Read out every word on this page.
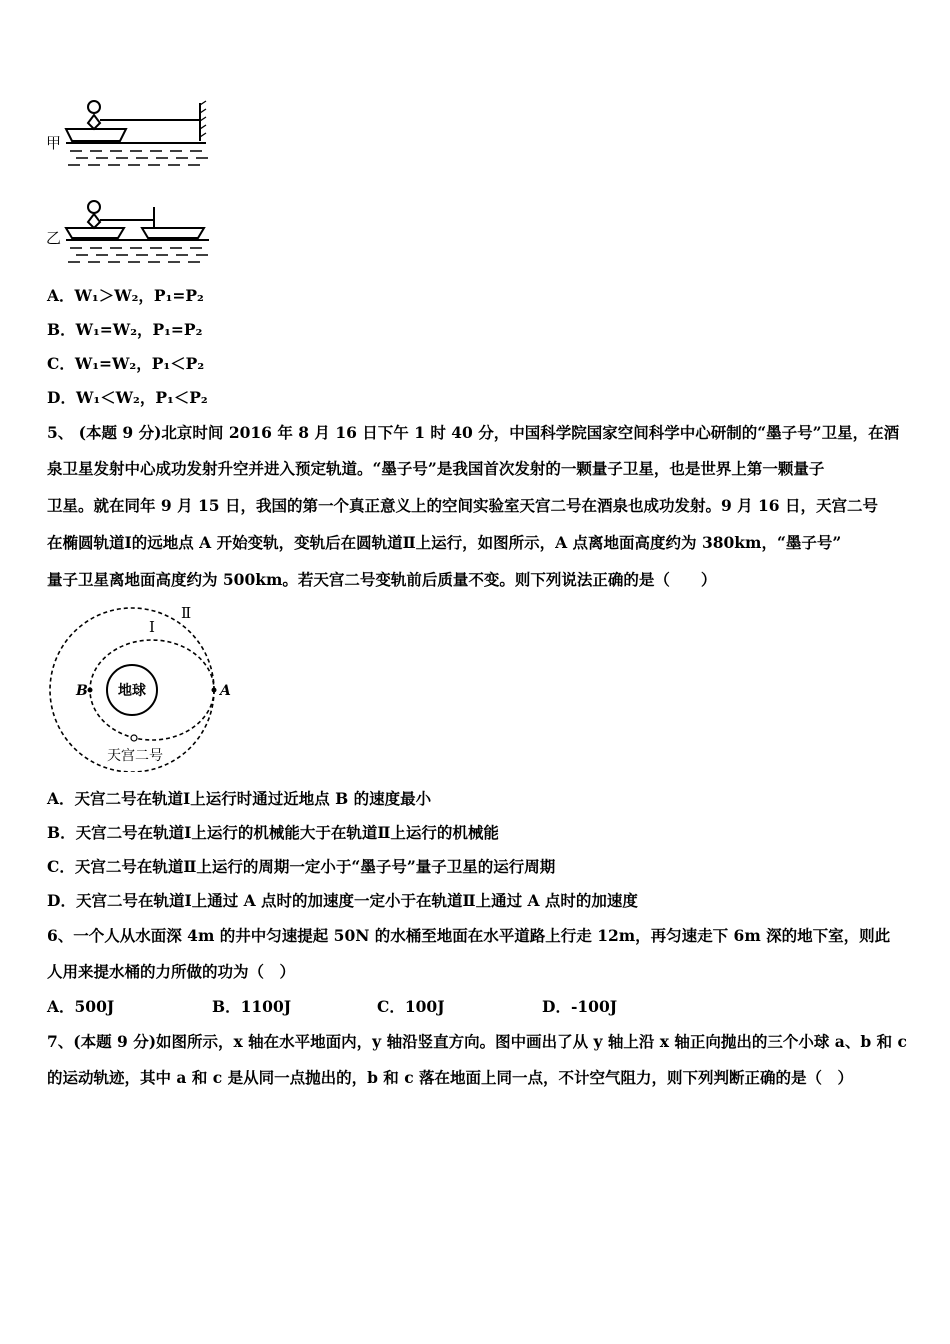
甲
乙
A．W₁＞W₂，P₁=P₂
B．W₁=W₂，P₁=P₂
C．W₁=W₂，P₁＜P₂
D．W₁＜W₂，P₁＜P₂
5、 (本题 9 分)北京时间 2016 年 8 月 16 日下午 1 时 40 分，中国科学院国家空间科学中心研制的“墨子号”卫星，在酒
泉卫星发射中心成功发射升空并进入预定轨道。“墨子号”是我国首次发射的一颗量子卫星，也是世界上第一颗量子
卫星。就在同年 9 月 15 日，我国的第一个真正意义上的空间实验室天宫二号在酒泉也成功发射。9 月 16 日，天宫二号
在椭圆轨道Ⅰ的远地点 A 开始变轨，变轨后在圆轨道Ⅱ上运行，如图所示，A 点离地面高度约为 380km，“墨子号”
量子卫星离地面高度约为 500km。若天宫二号变轨前后质量不变。则下列说法正确的是（　　）
地球
B	A
Ⅰ
Ⅱ
天宫二号
A．天宫二号在轨道Ⅰ上运行时通过近地点 B 的速度最小
B．天宫二号在轨道Ⅰ上运行的机械能大于在轨道Ⅱ上运行的机械能
C．天宫二号在轨道Ⅱ上运行的周期一定小于“墨子号”量子卫星的运行周期
D．天宫二号在轨道Ⅰ上通过 A 点时的加速度一定小于在轨道Ⅱ上通过 A 点时的加速度
6、一个人从水面深 4m 的井中匀速提起 50N 的水桶至地面在水平道路上行走 12m，再匀速走下 6m 深的地下室，则此
人用来提水桶的力所做的功为（　）
A．500J	B．1100J	C．100J	D．-100J
7、(本题 9 分)如图所示，x 轴在水平地面内，y 轴沿竖直方向。图中画出了从 y 轴上沿 x 轴正向抛出的三个小球 a、b 和 c
的运动轨迹，其中 a 和 c 是从同一点抛出的，b 和 c 落在地面上同一点，不计空气阻力，则下列判断正确的是（　）
